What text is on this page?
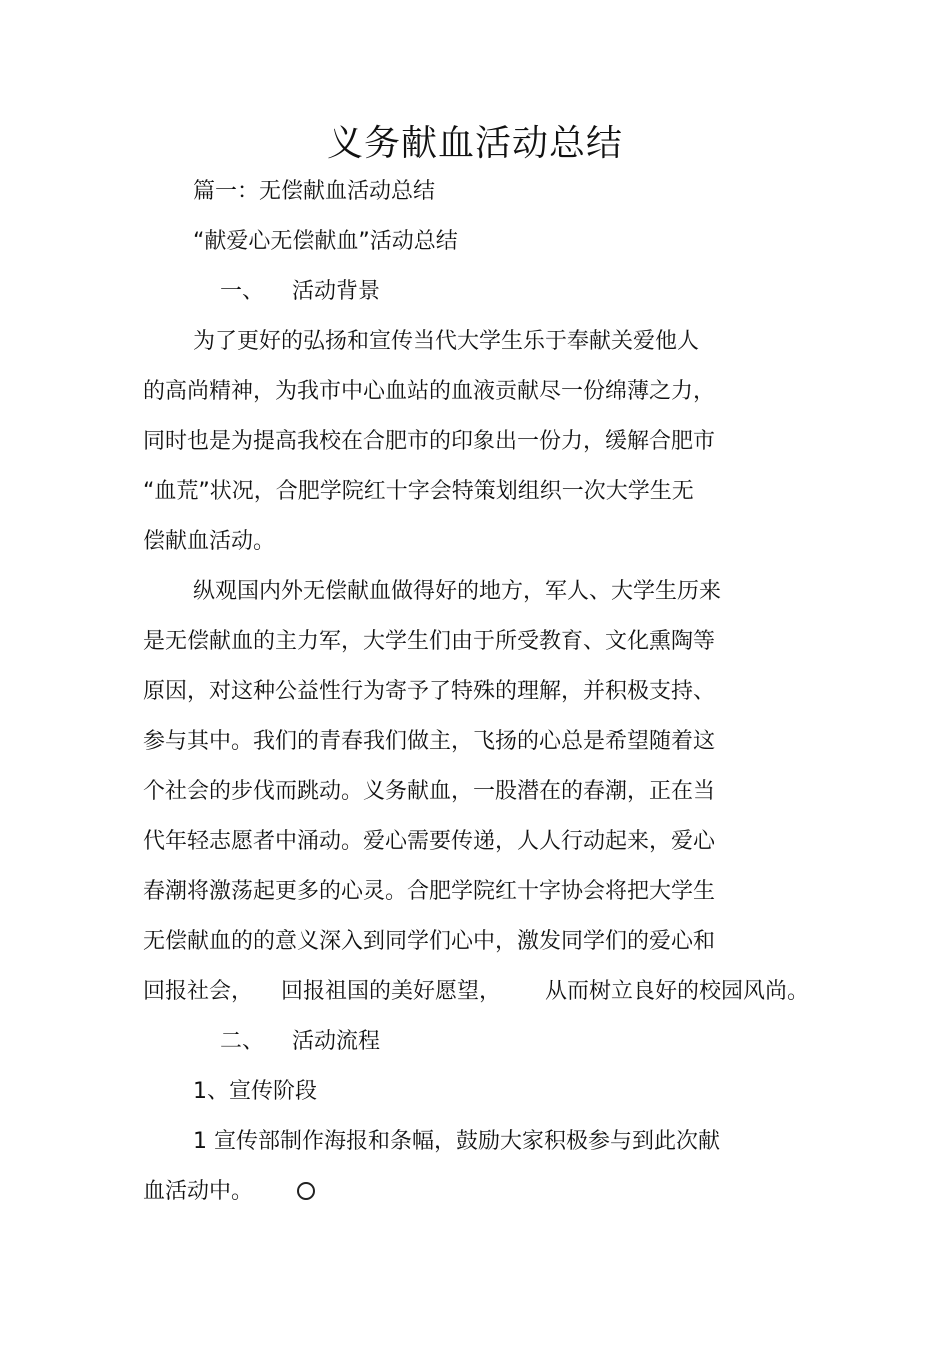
义务献血活动总结
篇一：无偿献血活动总结
“献爱心无偿献血”活动总结
一、 活动背景
为了更好的弘扬和宣传当代大学生乐于奉献关爱他人
的高尚精神，为我市中心血站的血液贡献尽一份绵薄之力，
同时也是为提高我校在合肥市的印象出一份力，缓解合肥市
“血荒”状况，合肥学院红十字会特策划组织一次大学生无
偿献血活动。
纵观国内外无偿献血做得好的地方，军人、大学生历来
是无偿献血的主力军，大学生们由于所受教育、文化熏陶等
原因，对这种公益性行为寄予了特殊的理解，并积极支持、
参与其中。我们的青春我们做主，飞扬的心总是希望随着这
个社会的步伐而跳动。义务献血，一股潜在的春潮，正在当
代年轻志愿者中涌动。爱心需要传递，人人行动起来，爱心
春潮将激荡起更多的心灵。合肥学院红十字协会将把大学生
无偿献血的的意义深入到同学们心中，激发同学们的爱心和
回报社会， 回报祖国的美好愿望， 从而树立良好的校园风尚。
二、 活动流程
1、宣传阶段
1 宣传部制作海报和条幅，鼓励大家积极参与到此次献
血活动中。
